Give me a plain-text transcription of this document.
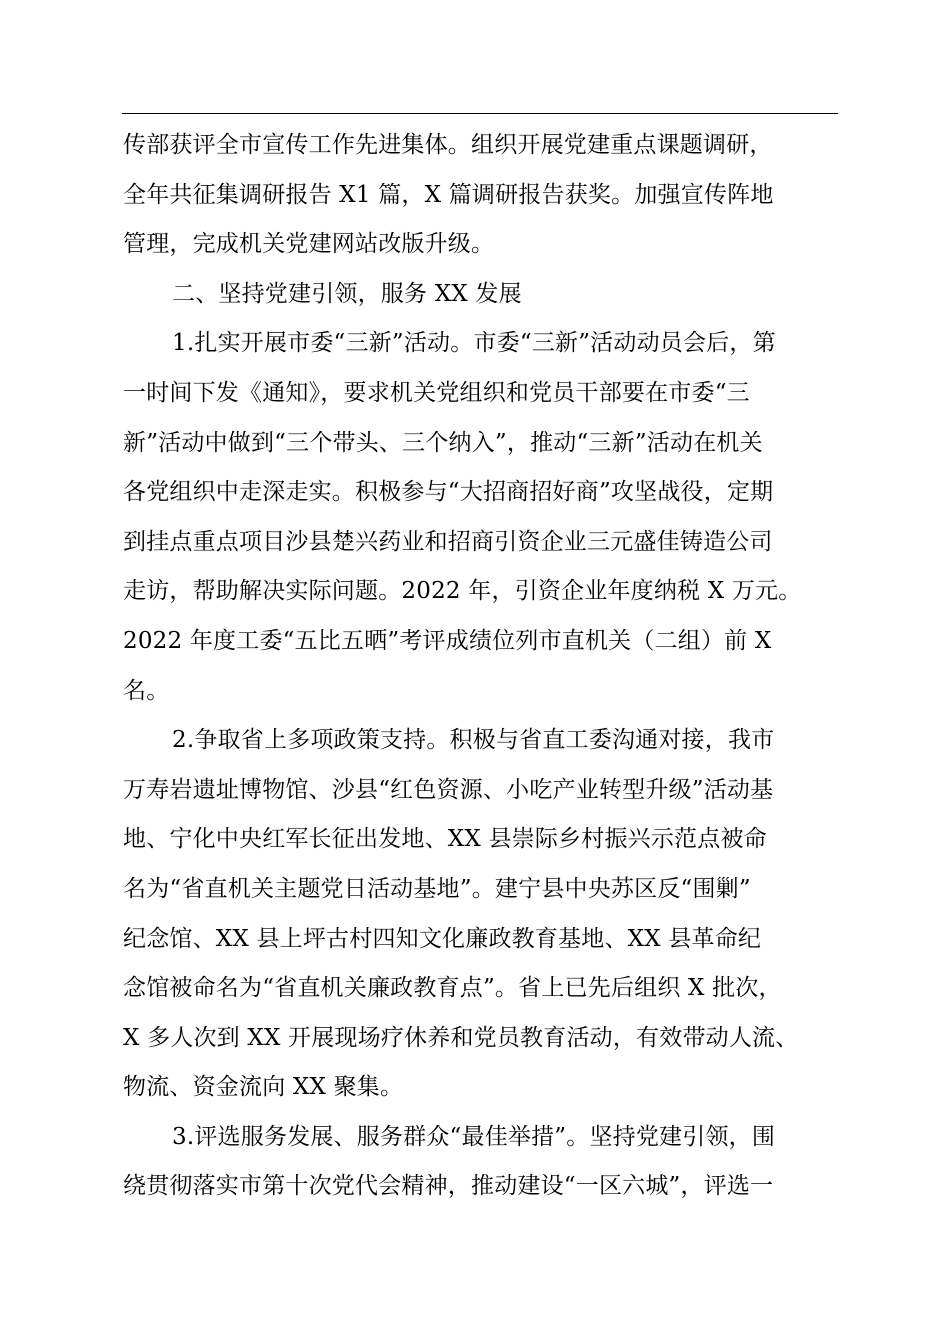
传部获评全市宣传工作先进集体。组织开展党建重点课题调研，
全年共征集调研报告 X1 篇，X 篇调研报告获奖。加强宣传阵地
管理，完成机关党建网站改版升级。
二、坚持党建引领，服务 XX 发展
1.扎实开展市委“三新”活动。市委“三新”活动动员会后，第
一时间下发《通知》，要求机关党组织和党员干部要在市委“三
新”活动中做到“三个带头、三个纳入”，推动“三新”活动在机关
各党组织中走深走实。积极参与“大招商招好商”攻坚战役，定期
到挂点重点项目沙县楚兴药业和招商引资企业三元盛佳铸造公司
走访，帮助解决实际问题。2022 年，引资企业年度纳税 X 万元。
2022 年度工委“五比五晒”考评成绩位列市直机关（二组）前 X
名。
2.争取省上多项政策支持。积极与省直工委沟通对接，我市
万寿岩遗址博物馆、沙县“红色资源、小吃产业转型升级”活动基
地、宁化中央红军长征出发地、XX 县崇际乡村振兴示范点被命
名为“省直机关主题党日活动基地”。建宁县中央苏区反“围剿”
纪念馆、XX 县上坪古村四知文化廉政教育基地、XX 县革命纪
念馆被命名为“省直机关廉政教育点”。省上已先后组织 X 批次，
X 多人次到 XX 开展现场疗休养和党员教育活动，有效带动人流、
物流、资金流向 XX 聚集。
3.评选服务发展、服务群众“最佳举措”。坚持党建引领，围
绕贯彻落实市第十次党代会精神，推动建设“一区六城”，评选一
